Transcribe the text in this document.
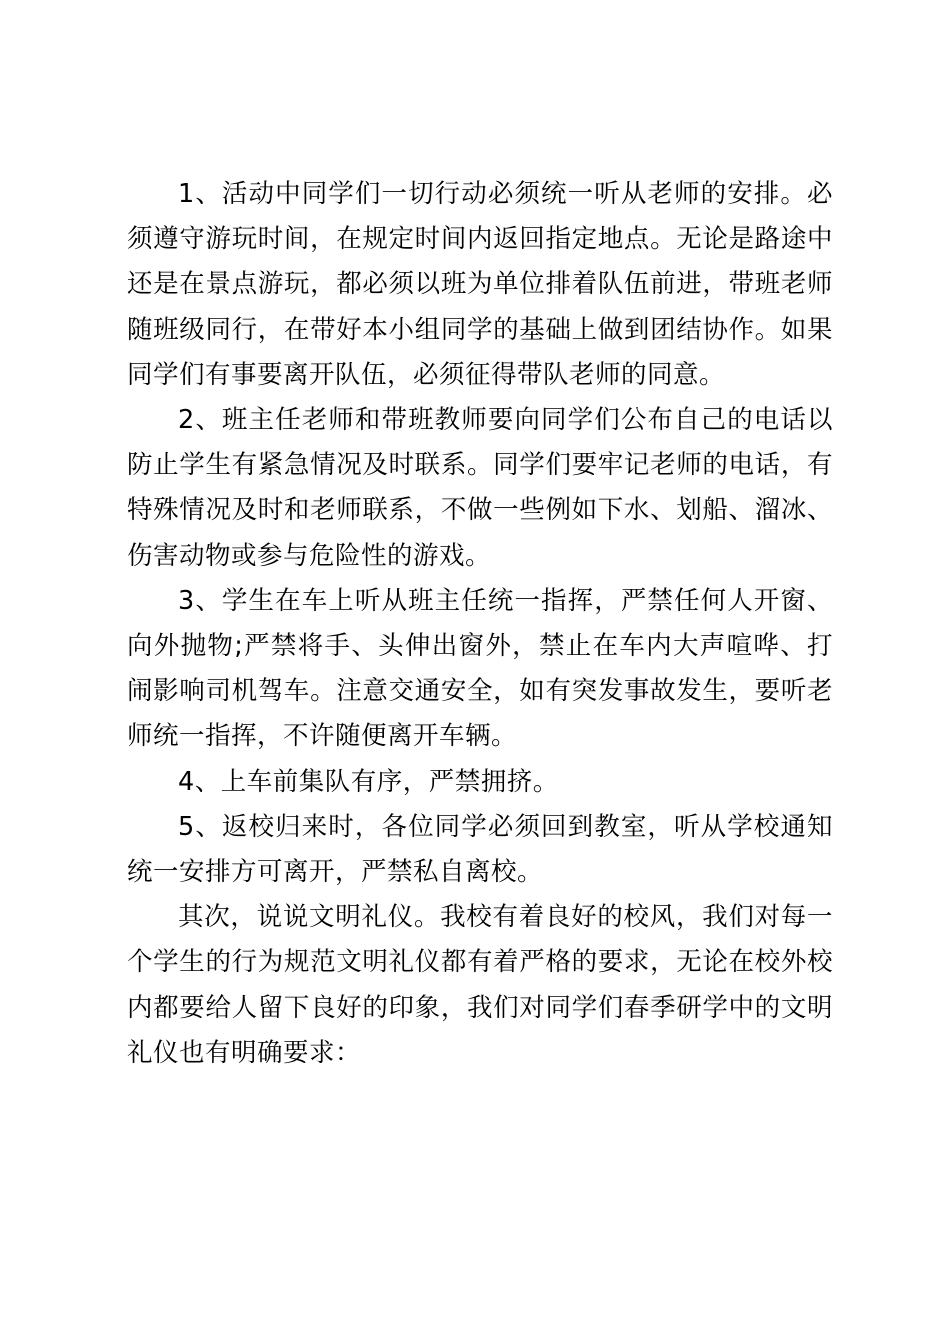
1、活动中同学们一切行动必须统一听从老师的安排。必须遵守游玩时间，在规定时间内返回指定地点。无论是路途中还是在景点游玩，都必须以班为单位排着队伍前进，带班老师随班级同行，在带好本小组同学的基础上做到团结协作。如果同学们有事要离开队伍，必须征得带队老师的同意。

2、班主任老师和带班教师要向同学们公布自己的电话以防止学生有紧急情况及时联系。同学们要牢记老师的电话，有特殊情况及时和老师联系，不做一些例如下水、划船、溜冰、伤害动物或参与危险性的游戏。

3、学生在车上听从班主任统一指挥，严禁任何人开窗、向外抛物;严禁将手、头伸出窗外，禁止在车内大声喧哗、打闹影响司机驾车。注意交通安全，如有突发事故发生，要听老师统一指挥，不许随便离开车辆。

4、上车前集队有序，严禁拥挤。

5、返校归来时，各位同学必须回到教室，听从学校通知统一安排方可离开，严禁私自离校。

其次，说说文明礼仪。我校有着良好的校风，我们对每一个学生的行为规范文明礼仪都有着严格的要求，无论在校外校内都要给人留下良好的印象，我们对同学们春季研学中的文明礼仪也有明确要求：
